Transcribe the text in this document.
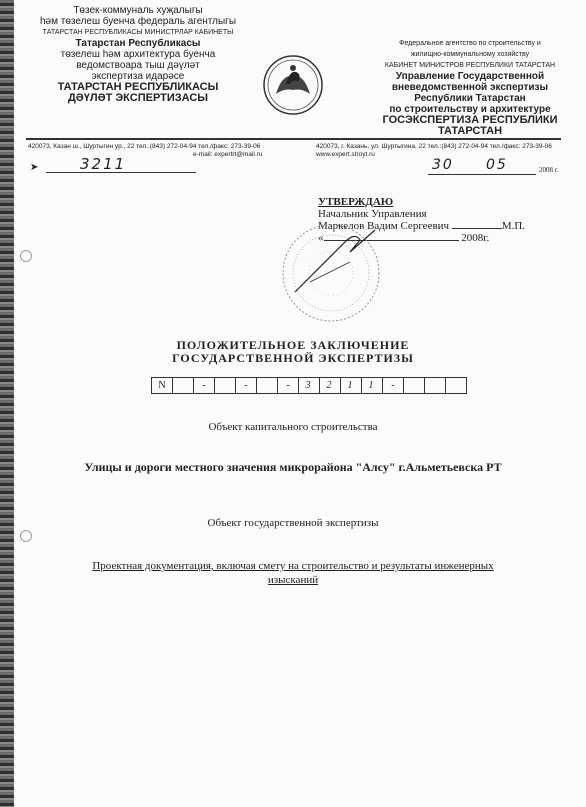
Төзек-коммуналь хуҗалыгы
һәм төзелеш буенча федераль агентлыгы
ТАТАРСТАН РЕСПУБЛИКАСЫ МИНИСТРЛАР КАБИНЕТЫ
Татарстан Республикасы
төзелеш һәм архитектура буенча
ведомствоара тыш дәүләт
экспертиза идарәсе
ТАТАРСТАН РЕСПУБЛИКАСЫ
ДӘҮЛӘТ ЭКСПЕРТИЗАСЫ
Федеральное агентство по строительству и
жилищно-коммунальному хозяйству
КАБИНЕТ МИНИСТРОВ РЕСПУБЛИКИ ТАТАРСТАН
Управление Государственной
вневедомственной экспертизы
Республики Татарстан
по строительству и архитектуре
ГОСЭКСПЕРТИЗА РЕСПУБЛИКИ
ТАТАРСТАН
420073, Казан ш., Шуртыгин ур., 22 тел.:(843) 272-04-94 тел./факс: 273-39-06
e-mail: expertrt@mail.ru
420073, г. Казань, ул. Шуртыгина, 22 тел.:(843) 272-04-94 тел./факс: 273-39-06
www.expert.stroyt.ru
➤	3211	30 05	2008 г.
УТВЕРЖДАЮ
Начальник Управления
Маркелов Вадим Сергеевич	М.П.
«	2008г.
ПОЛОЖИТЕЛЬНОЕ ЗАКЛЮЧЕНИЕ
ГОСУДАРСТВЕННОЙ ЭКСПЕРТИЗЫ
N	-	-	-	3	2	1	1	-
Объект капитального строительства
Улицы и дороги местного значения микрорайона "Алсу" г.Альметьевска РТ
Объект государственной экспертизы
Проектная документация, включая смету на строительство и результаты инженерных
изысканий
